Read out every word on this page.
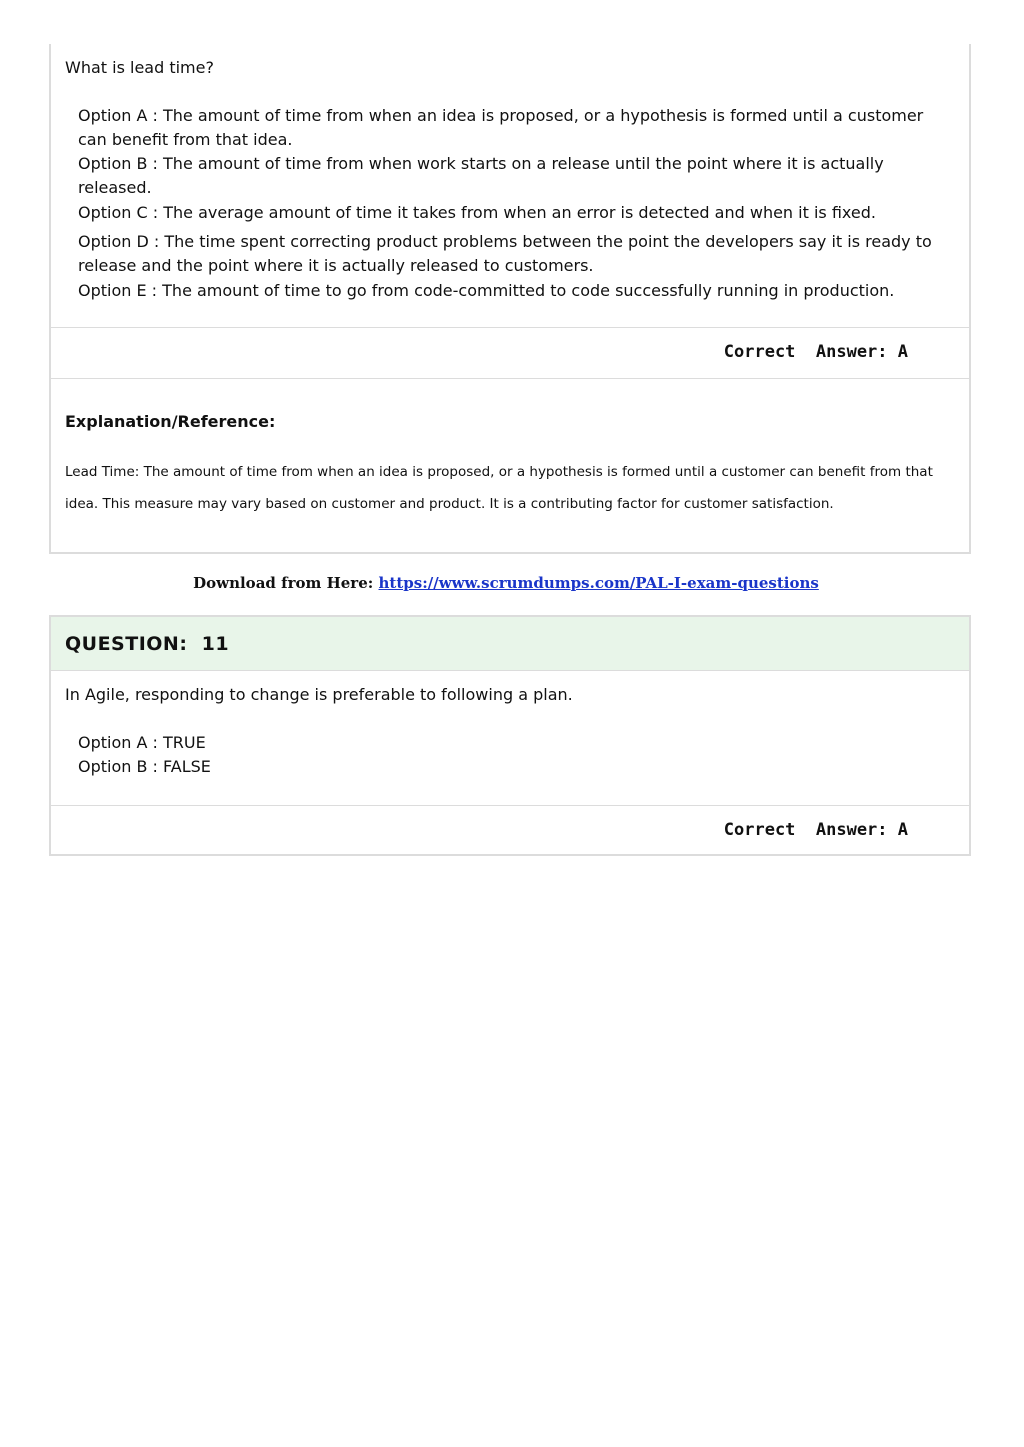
What is lead time?

Option A : The amount of time from when an idea is proposed, or a hypothesis is formed until a customer can benefit from that idea.

Option B : The amount of time from when work starts on a release until the point where it is actually released.

Option C : The average amount of time it takes from when an error is detected and when it is fixed.

Option D : The time spent correcting product problems between the point the developers say it is ready to release and the point where it is actually released to customers.

Option E : The amount of time to go from code-committed to code successfully running in production.

Correct  Answer: A
Explanation/Reference:
Lead Time: The amount of time from when an idea is proposed, or a hypothesis is formed until a customer can benefit from that idea. This measure may vary based on customer and product. It is a contributing factor for customer satisfaction.
Download from Here: https://www.scrumdumps.com/PAL-I-exam-questions
QUESTION:  11
In Agile, responding to change is preferable to following a plan.

Option A : TRUE

Option B : FALSE

Correct  Answer: A
